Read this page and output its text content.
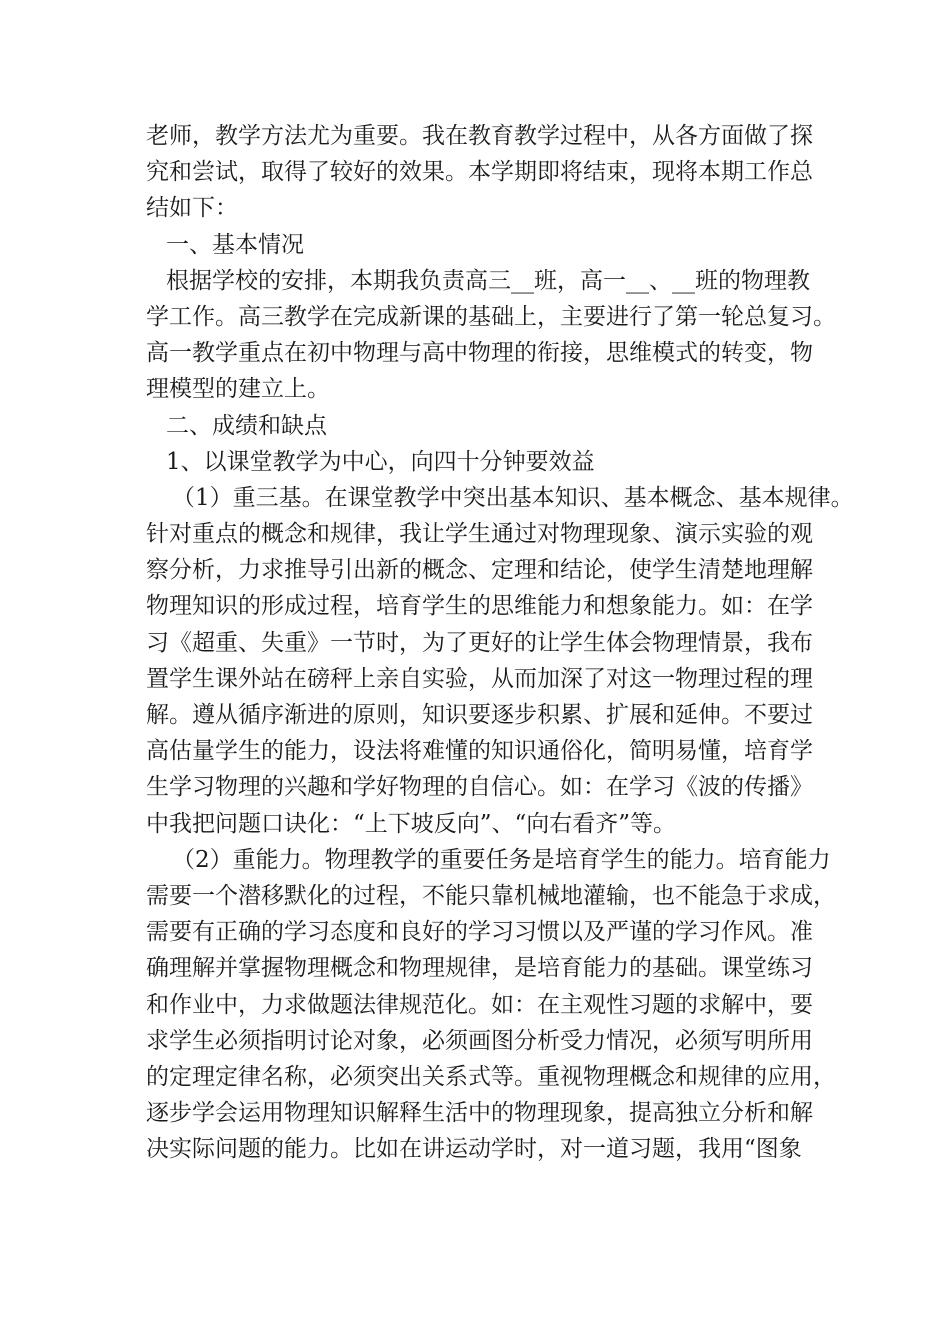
老师，教学方法尤为重要。我在教育教学过程中，从各方面做了探
究和尝试，取得了较好的效果。本学期即将结束，现将本期工作总
结如下：
一、基本情况
根据学校的安排，本期我负责高三__班，高一__、__班的物理教
学工作。高三教学在完成新课的基础上，主要进行了第一轮总复习。
高一教学重点在初中物理与高中物理的衔接，思维模式的转变，物
理模型的建立上。
二、成绩和缺点
1、以课堂教学为中心，向四十分钟要效益
（1）重三基。在课堂教学中突出基本知识、基本概念、基本规律。
针对重点的概念和规律，我让学生通过对物理现象、演示实验的观
察分析，力求推导引出新的概念、定理和结论，使学生清楚地理解
物理知识的形成过程，培育学生的思维能力和想象能力。如：在学
习《超重、失重》一节时，为了更好的让学生体会物理情景，我布
置学生课外站在磅秤上亲自实验，从而加深了对这一物理过程的理
解。遵从循序渐进的原则，知识要逐步积累、扩展和延伸。不要过
高估量学生的能力，设法将难懂的知识通俗化，简明易懂，培育学
生学习物理的兴趣和学好物理的自信心。如：在学习《波的传播》
中我把问题口诀化：“上下坡反向”、“向右看齐”等。
（2）重能力。物理教学的重要任务是培育学生的能力。培育能力
需要一个潜移默化的过程，不能只靠机械地灌输，也不能急于求成，
需要有正确的学习态度和良好的学习习惯以及严谨的学习作风。准
确理解并掌握物理概念和物理规律，是培育能力的基础。课堂练习
和作业中，力求做题法律规范化。如：在主观性习题的求解中，要
求学生必须指明讨论对象，必须画图分析受力情况，必须写明所用
的定理定律名称，必须突出关系式等。重视物理概念和规律的应用，
逐步学会运用物理知识解释生活中的物理现象，提高独立分析和解
决实际问题的能力。比如在讲运动学时，对一道习题，我用“图象
